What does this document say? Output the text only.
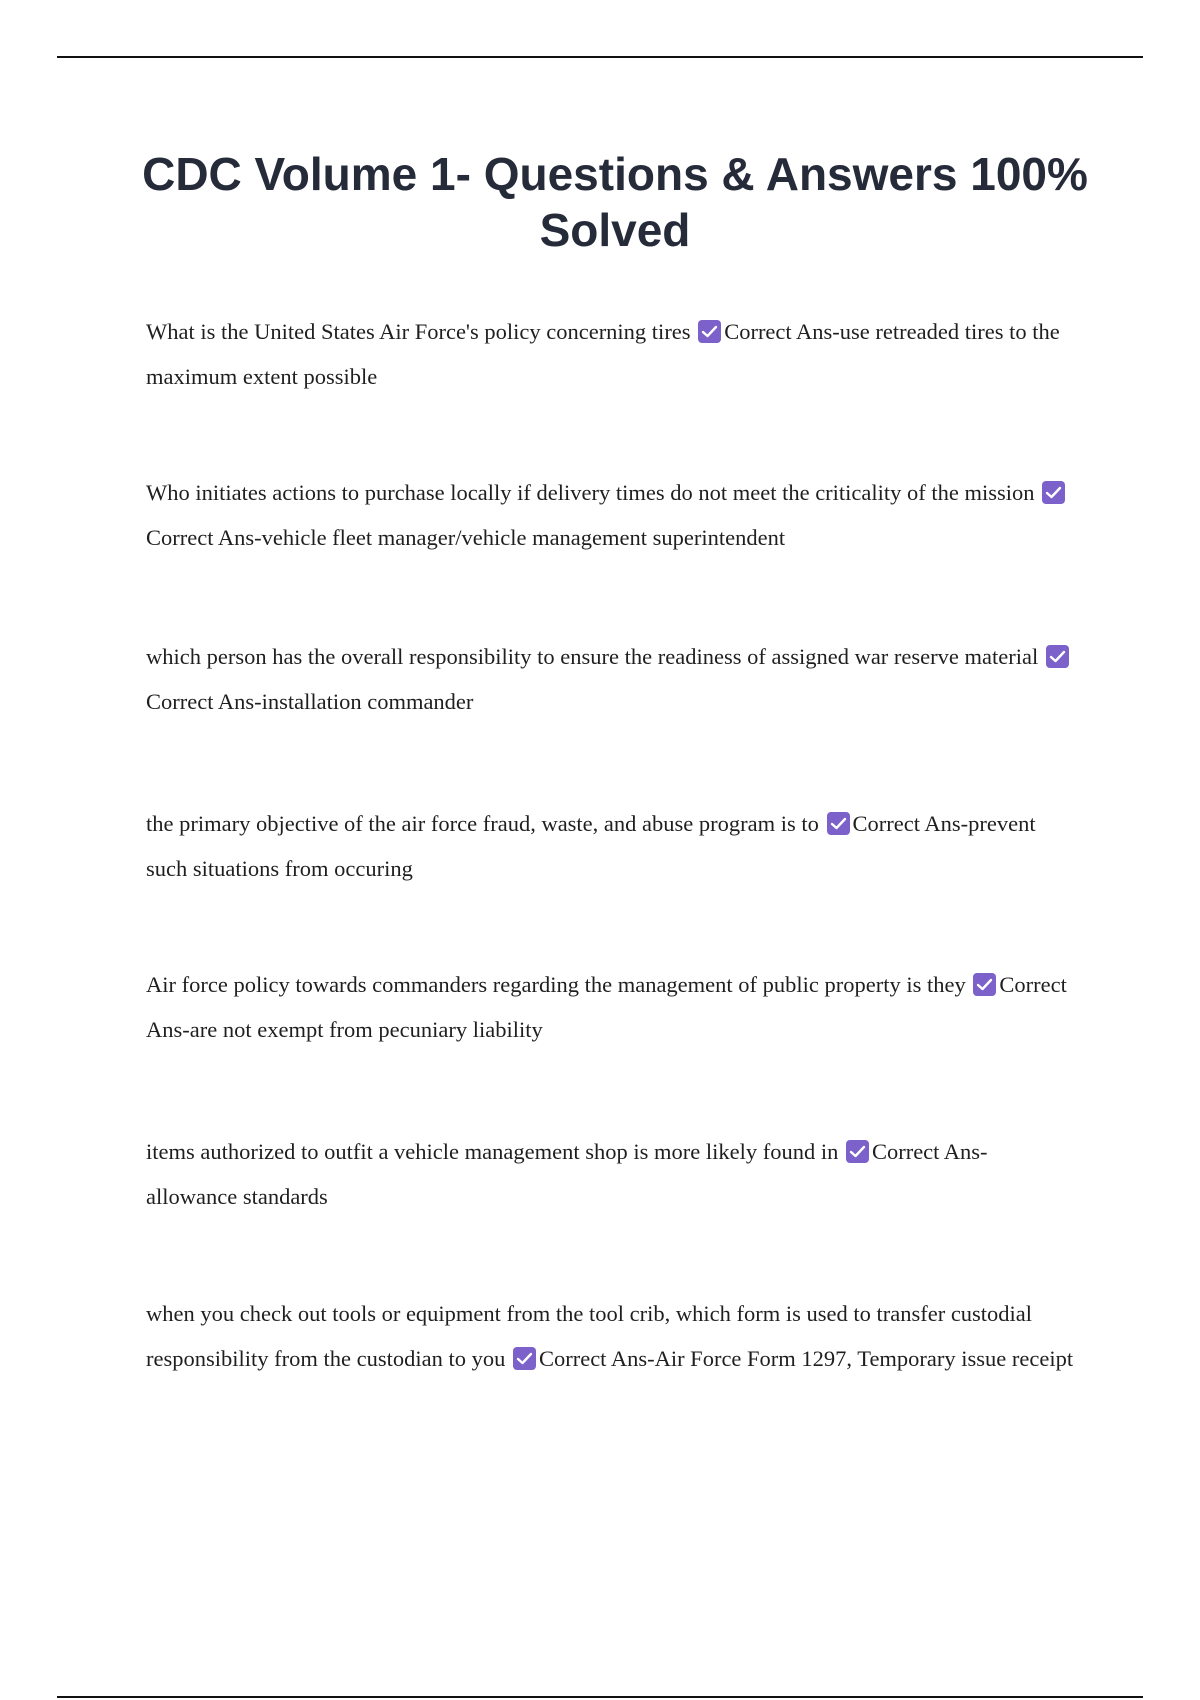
CDC Volume 1- Questions & Answers 100% Solved

What is the United States Air Force's policy concerning tires Correct Ans-use retreaded tires to the maximum extent possible

Who initiates actions to purchase locally if delivery times do not meet the criticality of the mission
Correct Ans-vehicle fleet manager/vehicle management superintendent

which person has the overall responsibility to ensure the readiness of assigned war reserve material
Correct Ans-installation commander

the primary objective of the air force fraud, waste, and abuse program is to Correct Ans-prevent such situations from occuring

Air force policy towards commanders regarding the management of public property is they Correct Ans-are not exempt from pecuniary liability

items authorized to outfit a vehicle management shop is more likely found in Correct Ans-allowance standards

when you check out tools or equipment from the tool crib, which form is used to transfer custodial responsibility from the custodian to you Correct Ans-Air Force Form 1297, Temporary issue receipt
